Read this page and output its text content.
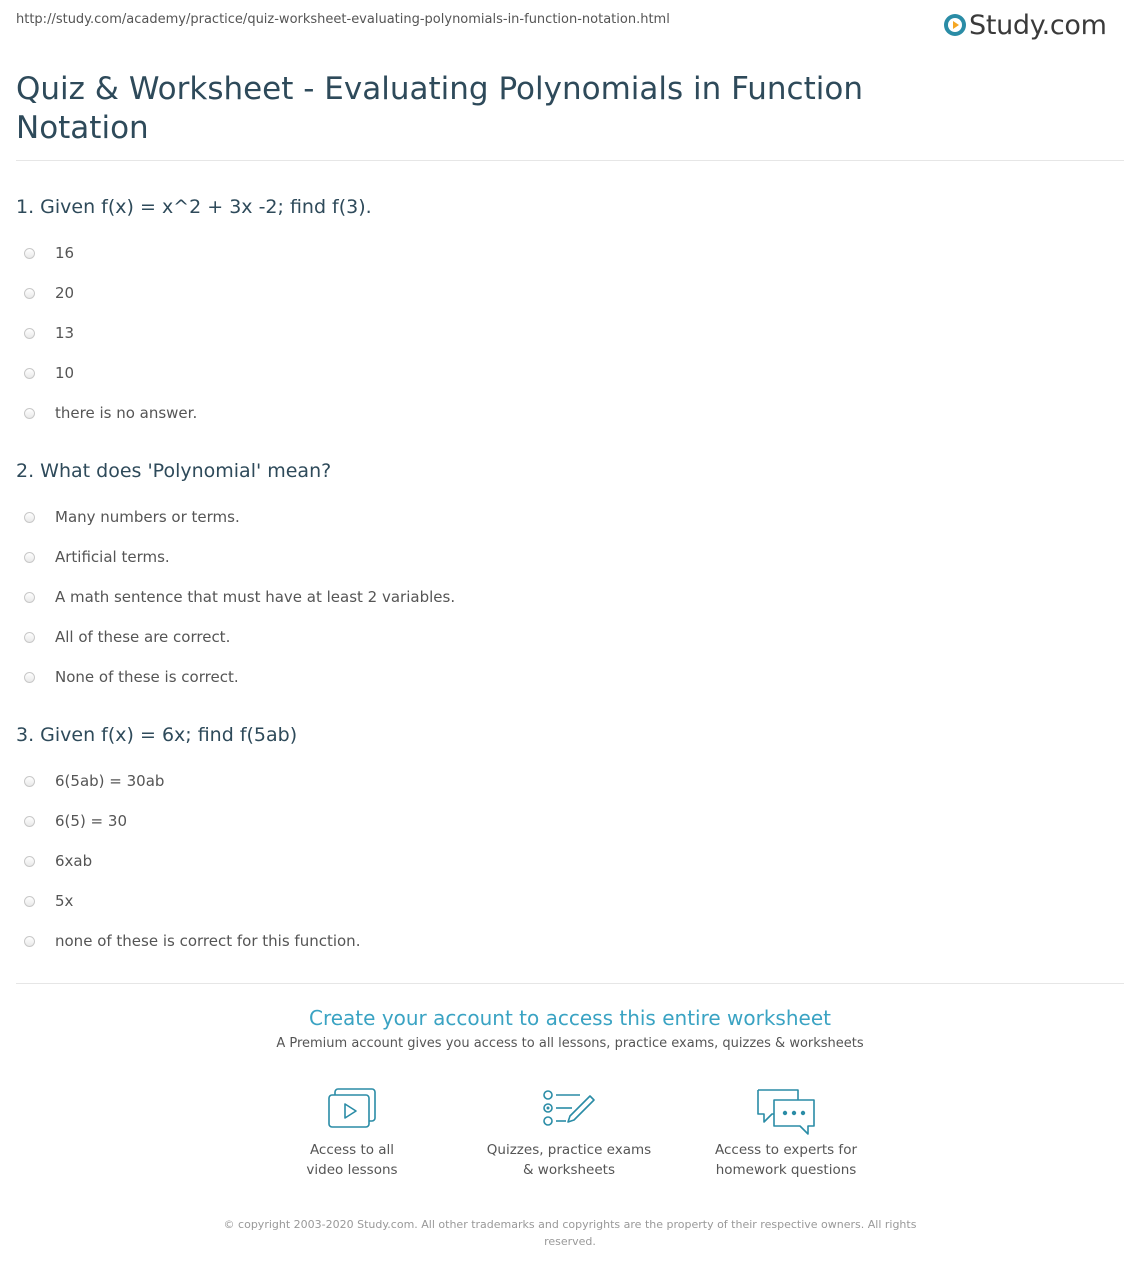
http://study.com/academy/practice/quiz-worksheet-evaluating-polynomials-in-function-notation.html	Study.com
Quiz & Worksheet - Evaluating Polynomials in Function Notation
1. Given f(x) = x^2 + 3x -2; find f(3).
16
20
13
10
there is no answer.
2. What does 'Polynomial' mean?
Many numbers or terms.
Artificial terms.
A math sentence that must have at least 2 variables.
All of these are correct.
None of these is correct.
3. Given f(x) = 6x; find f(5ab)
6(5ab) = 30ab
6(5) = 30
6xab
5x
none of these is correct for this function.
Create your account to access this entire worksheet
A Premium account gives you access to all lessons, practice exams, quizzes & worksheets
Access to all
video lessons
Quizzes, practice exams
& worksheets
Access to experts for
homework questions
© copyright 2003-2020 Study.com. All other trademarks and copyrights are the property of their respective owners. All rights
reserved.
